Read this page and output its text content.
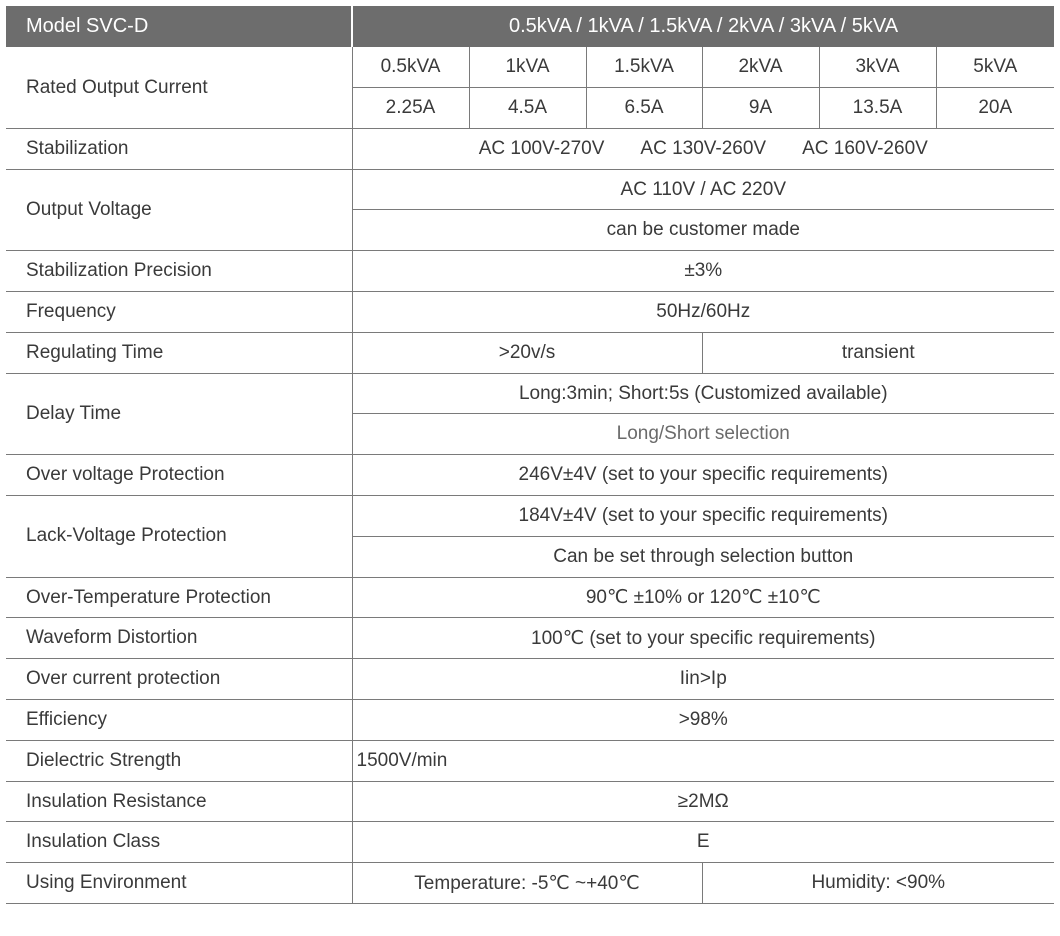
Model SVC-D	0.5kVA / 1kVA / 1.5kVA / 2kVA / 3kVA / 5kVA					
Rated Output Current	0.5kVA	1kVA	1.5kVA	2kVA	3kVA	5kVA
	2.25A	4.5A	6.5A	9A	13.5A	20A
Stabilization	AC 100V-270V AC 130V-260V AC 160V-260V					
Output Voltage	AC 110V / AC 220V					
	can be customer made					
Stabilization Precision	±3%					
Frequency	50Hz/60Hz					
Regulating Time	>20v/s			transient		
Delay Time	Long:3min; Short:5s (Customized available)					
	Long/Short selection					
Over voltage Protection	246V±4V (set to your specific requirements)					
Lack-Voltage Protection	184V±4V (set to your specific requirements)					
	Can be set through selection button					
Over-Temperature Protection	90℃ ±10% or 120℃ ±10℃					
Waveform Distortion	100℃ (set to your specific requirements)					
Over current protection	Iin>Ip					
Efficiency	>98%					
Dielectric Strength	1500V/min					
Insulation Resistance	≥2MΩ					
Insulation Class	E					
Using Environment	Temperature: -5℃ ~+40℃			Humidity: <90%		
